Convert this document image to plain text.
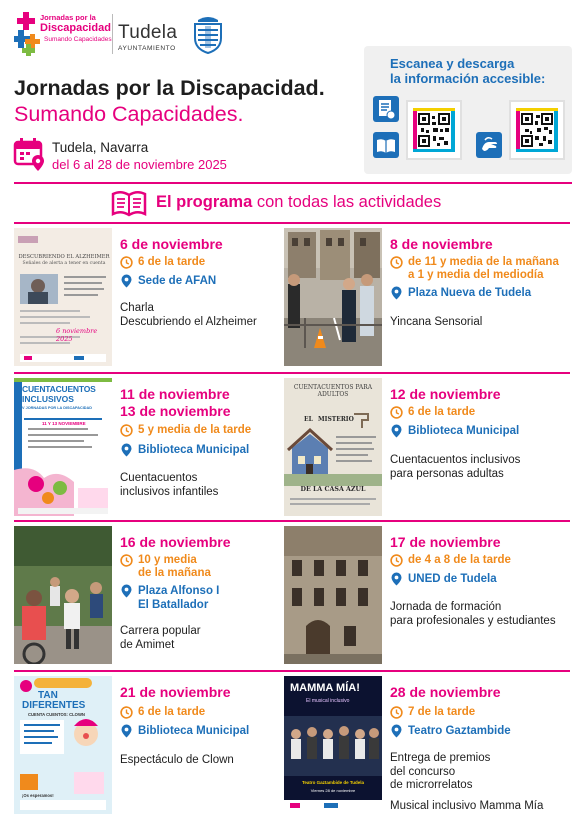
Jornadas por la
Discapacidad
Sumando Capacidades Tudela
AYUNTAMIENTO
Jornadas por la Discapacidad.
Sumando Capacidades.
Tudela, Navarra
del 6 al 28 de noviembre 2025
Escanea y descarga
la información accesible:
El programa con todas las actividades
DESCUBRIENDO EL ALZHEIMER
Señales de alerta a tener en cuenta
6 noviembre 2025
6 de noviembre
6 de la tarde
Sede de AFAN
Charla
Descubriendo el Alzheimer
8 de noviembre
de 11 y media de la mañana
a 1 y media del mediodía
Plaza Nueva de Tudela
Yincana Sensorial
CUENTACUENTOS
INCLUSIVOS
V JORNADAS POR LA DISCAPACIDAD
11 Y 13 NOVIEMBRE
11 de noviembre
13 de noviembre
5 y media de la tarde
Biblioteca Municipal
Cuentacuentos
inclusivos infantiles
CUENTACUENTOS PARA ADULTOS
EL MISTERIO
DE LA CASA AZUL
12 de noviembre
6 de la tarde
Biblioteca Municipal
Cuentacuentos inclusivos
para personas adultas
16 de noviembre
10 y media
de la mañana
Plaza Alfonso I
El Batallador
Carrera popular
de Amimet
17 de noviembre
de 4 a 8 de la tarde
UNED de Tudela
Jornada de formación
para profesionales y estudiantes
TAN
DIFERENTES
CUENTA CUENTOS: CLOWN
¡Os esperamos!
21 de noviembre
6 de la tarde
Biblioteca Municipal
Espectáculo de Clown
MAMMA MÍA!
El musical inclusivo
Teatro Gaztambide de Tudela
Viernes 28 de noviembre
28 de noviembre
7 de la tarde
Teatro Gaztambide
Entrega de premios
del concurso
de microrrelatos
Musical inclusivo Mamma Mía
